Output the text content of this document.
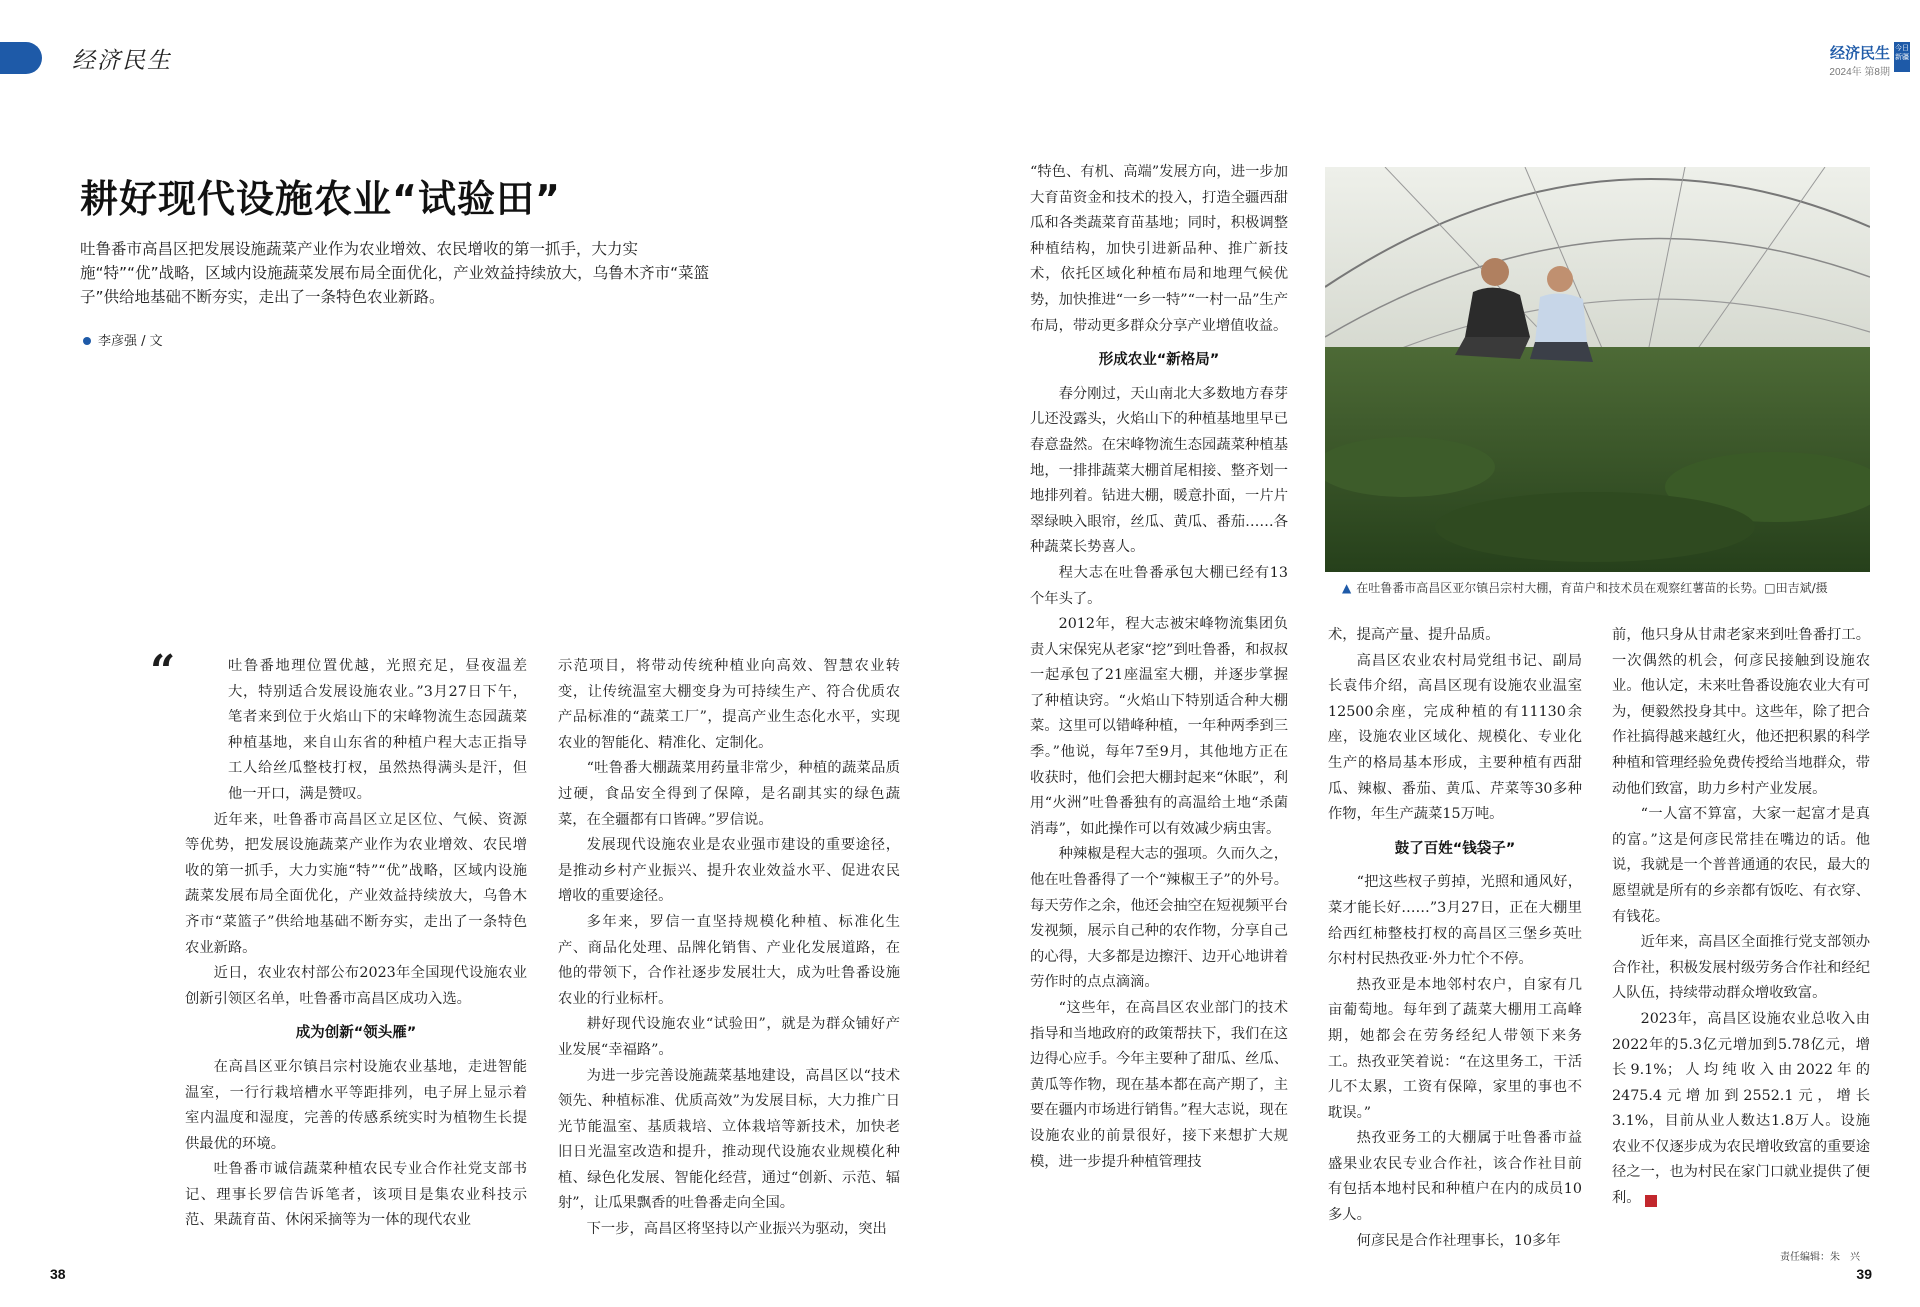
经济民生	经济民生
2024年 第8期
今日新疆
耕好现代设施农业“试验田”
吐鲁番市高昌区把发展设施蔬菜产业作为农业增效、农民增收的第一抓手，大力实施“特”“优”战略，区域内设施蔬菜发展布局全面优化，产业效益持续放大，乌鲁木齐市“菜篮子”供给地基础不断夯实，走出了一条特色农业新路。
李彦强 / 文
“	吐鲁番地理位置优越，光照充足，昼夜温差大，特别适合发展设施农业。”3月27日下午，笔者来到位于火焰山下的宋峰物流生态园蔬菜种植基地，来自山东省的种植户程大志正指导工人给丝瓜整枝打杈，虽然热得满头是汗，但他一开口，满是赞叹。

近年来，吐鲁番市高昌区立足区位、气候、资源等优势，把发展设施蔬菜产业作为农业增效、农民增收的第一抓手，大力实施“特”“优”战略，区域内设施蔬菜发展布局全面优化，产业效益持续放大，乌鲁木齐市“菜篮子”供给地基础不断夯实，走出了一条特色农业新路。

近日，农业农村部公布2023年全国现代设施农业创新引领区名单，吐鲁番市高昌区成功入选。

成为创新“领头雁”

在高昌区亚尔镇吕宗村设施农业基地，走进智能温室，一行行栽培槽水平等距排列，电子屏上显示着室内温度和湿度，完善的传感系统实时为植物生长提供最优的环境。

吐鲁番市诚信蔬菜种植农民专业合作社党支部书记、理事长罗信告诉笔者，该项目是集农业科技示范、果蔬育苗、休闲采摘等为一体的现代农业

示范项目，将带动传统种植业向高效、智慧农业转变，让传统温室大棚变身为可持续生产、符合优质农产品标准的“蔬菜工厂”，提高产业生态化水平，实现农业的智能化、精准化、定制化。

“吐鲁番大棚蔬菜用药量非常少，种植的蔬菜品质过硬，食品安全得到了保障，是名副其实的绿色蔬菜，在全疆都有口皆碑。”罗信说。

发展现代设施农业是农业强市建设的重要途径，是推动乡村产业振兴、提升农业效益水平、促进农民增收的重要途径。

多年来，罗信一直坚持规模化种植、标准化生产、商品化处理、品牌化销售、产业化发展道路，在他的带领下，合作社逐步发展壮大，成为吐鲁番设施农业的行业标杆。

耕好现代设施农业“试验田”，就是为群众铺好产业发展“幸福路”。

为进一步完善设施蔬菜基地建设，高昌区以“技术领先、种植标准、优质高效”为发展目标，大力推广日光节能温室、基质栽培、立体栽培等新技术，加快老旧日光温室改造和提升，推动现代设施农业规模化种植、绿色化发展、智能化经营，通过“创新、示范、辐射”，让瓜果飘香的吐鲁番走向全国。

下一步，高昌区将坚持以产业振兴为驱动，突出

“特色、有机、高端”发展方向，进一步加大育苗资金和技术的投入，打造全疆西甜瓜和各类蔬菜育苗基地；同时，积极调整种植结构，加快引进新品种、推广新技术，依托区域化种植布局和地理气候优势，加快推进“一乡一特”“一村一品”生产布局，带动更多群众分享产业增值收益。

形成农业“新格局”

春分刚过，天山南北大多数地方春芽儿还没露头，火焰山下的种植基地里早已春意盎然。在宋峰物流生态园蔬菜种植基地，一排排蔬菜大棚首尾相接、整齐划一地排列着。钻进大棚，暖意扑面，一片片翠绿映入眼帘，丝瓜、黄瓜、番茄……各种蔬菜长势喜人。

程大志在吐鲁番承包大棚已经有13个年头了。

2012年，程大志被宋峰物流集团负责人宋保宪从老家“挖”到吐鲁番，和叔叔一起承包了21座温室大棚，并逐步掌握了种植诀窍。“火焰山下特别适合种大棚菜。这里可以错峰种植，一年种两季到三季。”他说，每年7至9月，其他地方正在收获时，他们会把大棚封起来“休眠”，利用“火洲”吐鲁番独有的高温给土地“杀菌消毒”，如此操作可以有效减少病虫害。

种辣椒是程大志的强项。久而久之，他在吐鲁番得了一个“辣椒王子”的外号。每天劳作之余，他还会抽空在短视频平台发视频，展示自己种的农作物，分享自己的心得，大多都是边擦汗、边开心地讲着劳作时的点点滴滴。

“这些年，在高昌区农业部门的技术指导和当地政府的政策帮扶下，我们在这边得心应手。今年主要种了甜瓜、丝瓜、黄瓜等作物，现在基本都在高产期了，主要在疆内市场进行销售。”程大志说，现在设施农业的前景很好，接下来想扩大规模，进一步提升种植管理技

▲ 在吐鲁番市高昌区亚尔镇吕宗村大棚，育苗户和技术员在观察红薯苗的长势。□田吉斌/摄

术，提高产量、提升品质。

高昌区农业农村局党组书记、副局长袁伟介绍，高昌区现有设施农业温室12500余座，完成种植的有11130余座，设施农业区域化、规模化、专业化生产的格局基本形成，主要种植有西甜瓜、辣椒、番茄、黄瓜、芹菜等30多种作物，年生产蔬菜15万吨。

鼓了百姓“钱袋子”

“把这些杈子剪掉，光照和通风好，菜才能长好……”3月27日，正在大棚里给西红柿整枝打杈的高昌区三堡乡英吐尔村村民热孜亚·外力忙个不停。

热孜亚是本地邻村农户，自家有几亩葡萄地。每年到了蔬菜大棚用工高峰期，她都会在劳务经纪人带领下来务工。热孜亚笑着说：“在这里务工，干活儿不太累，工资有保障，家里的事也不耽误。”

热孜亚务工的大棚属于吐鲁番市益盛果业农民专业合作社，该合作社目前有包括本地村民和种植户在内的成员10多人。

何彦民是合作社理事长，10多年

前，他只身从甘肃老家来到吐鲁番打工。一次偶然的机会，何彦民接触到设施农业。他认定，未来吐鲁番设施农业大有可为，便毅然投身其中。这些年，除了把合作社搞得越来越红火，他还把积累的科学种植和管理经验免费传授给当地群众，带动他们致富，助力乡村产业发展。

“一人富不算富，大家一起富才是真的富。”这是何彦民常挂在嘴边的话。他说，我就是一个普普通通的农民，最大的愿望就是所有的乡亲都有饭吃、有衣穿、有钱花。

近年来，高昌区全面推行党支部领办合作社，积极发展村级劳务合作社和经纪人队伍，持续带动群众增收致富。

2023年，高昌区设施农业总收入由2022年的5.3亿元增加到5.78亿元，增长9.1%；人均纯收入由2022年的2475.4元增加到2552.1元，增长3.1%，目前从业人数达1.8万人。设施农业不仅逐步成为农民增收致富的重要途径之一，也为村民在家门口就业提供了便利。	丿

38	39
责任编辑：朱　兴
